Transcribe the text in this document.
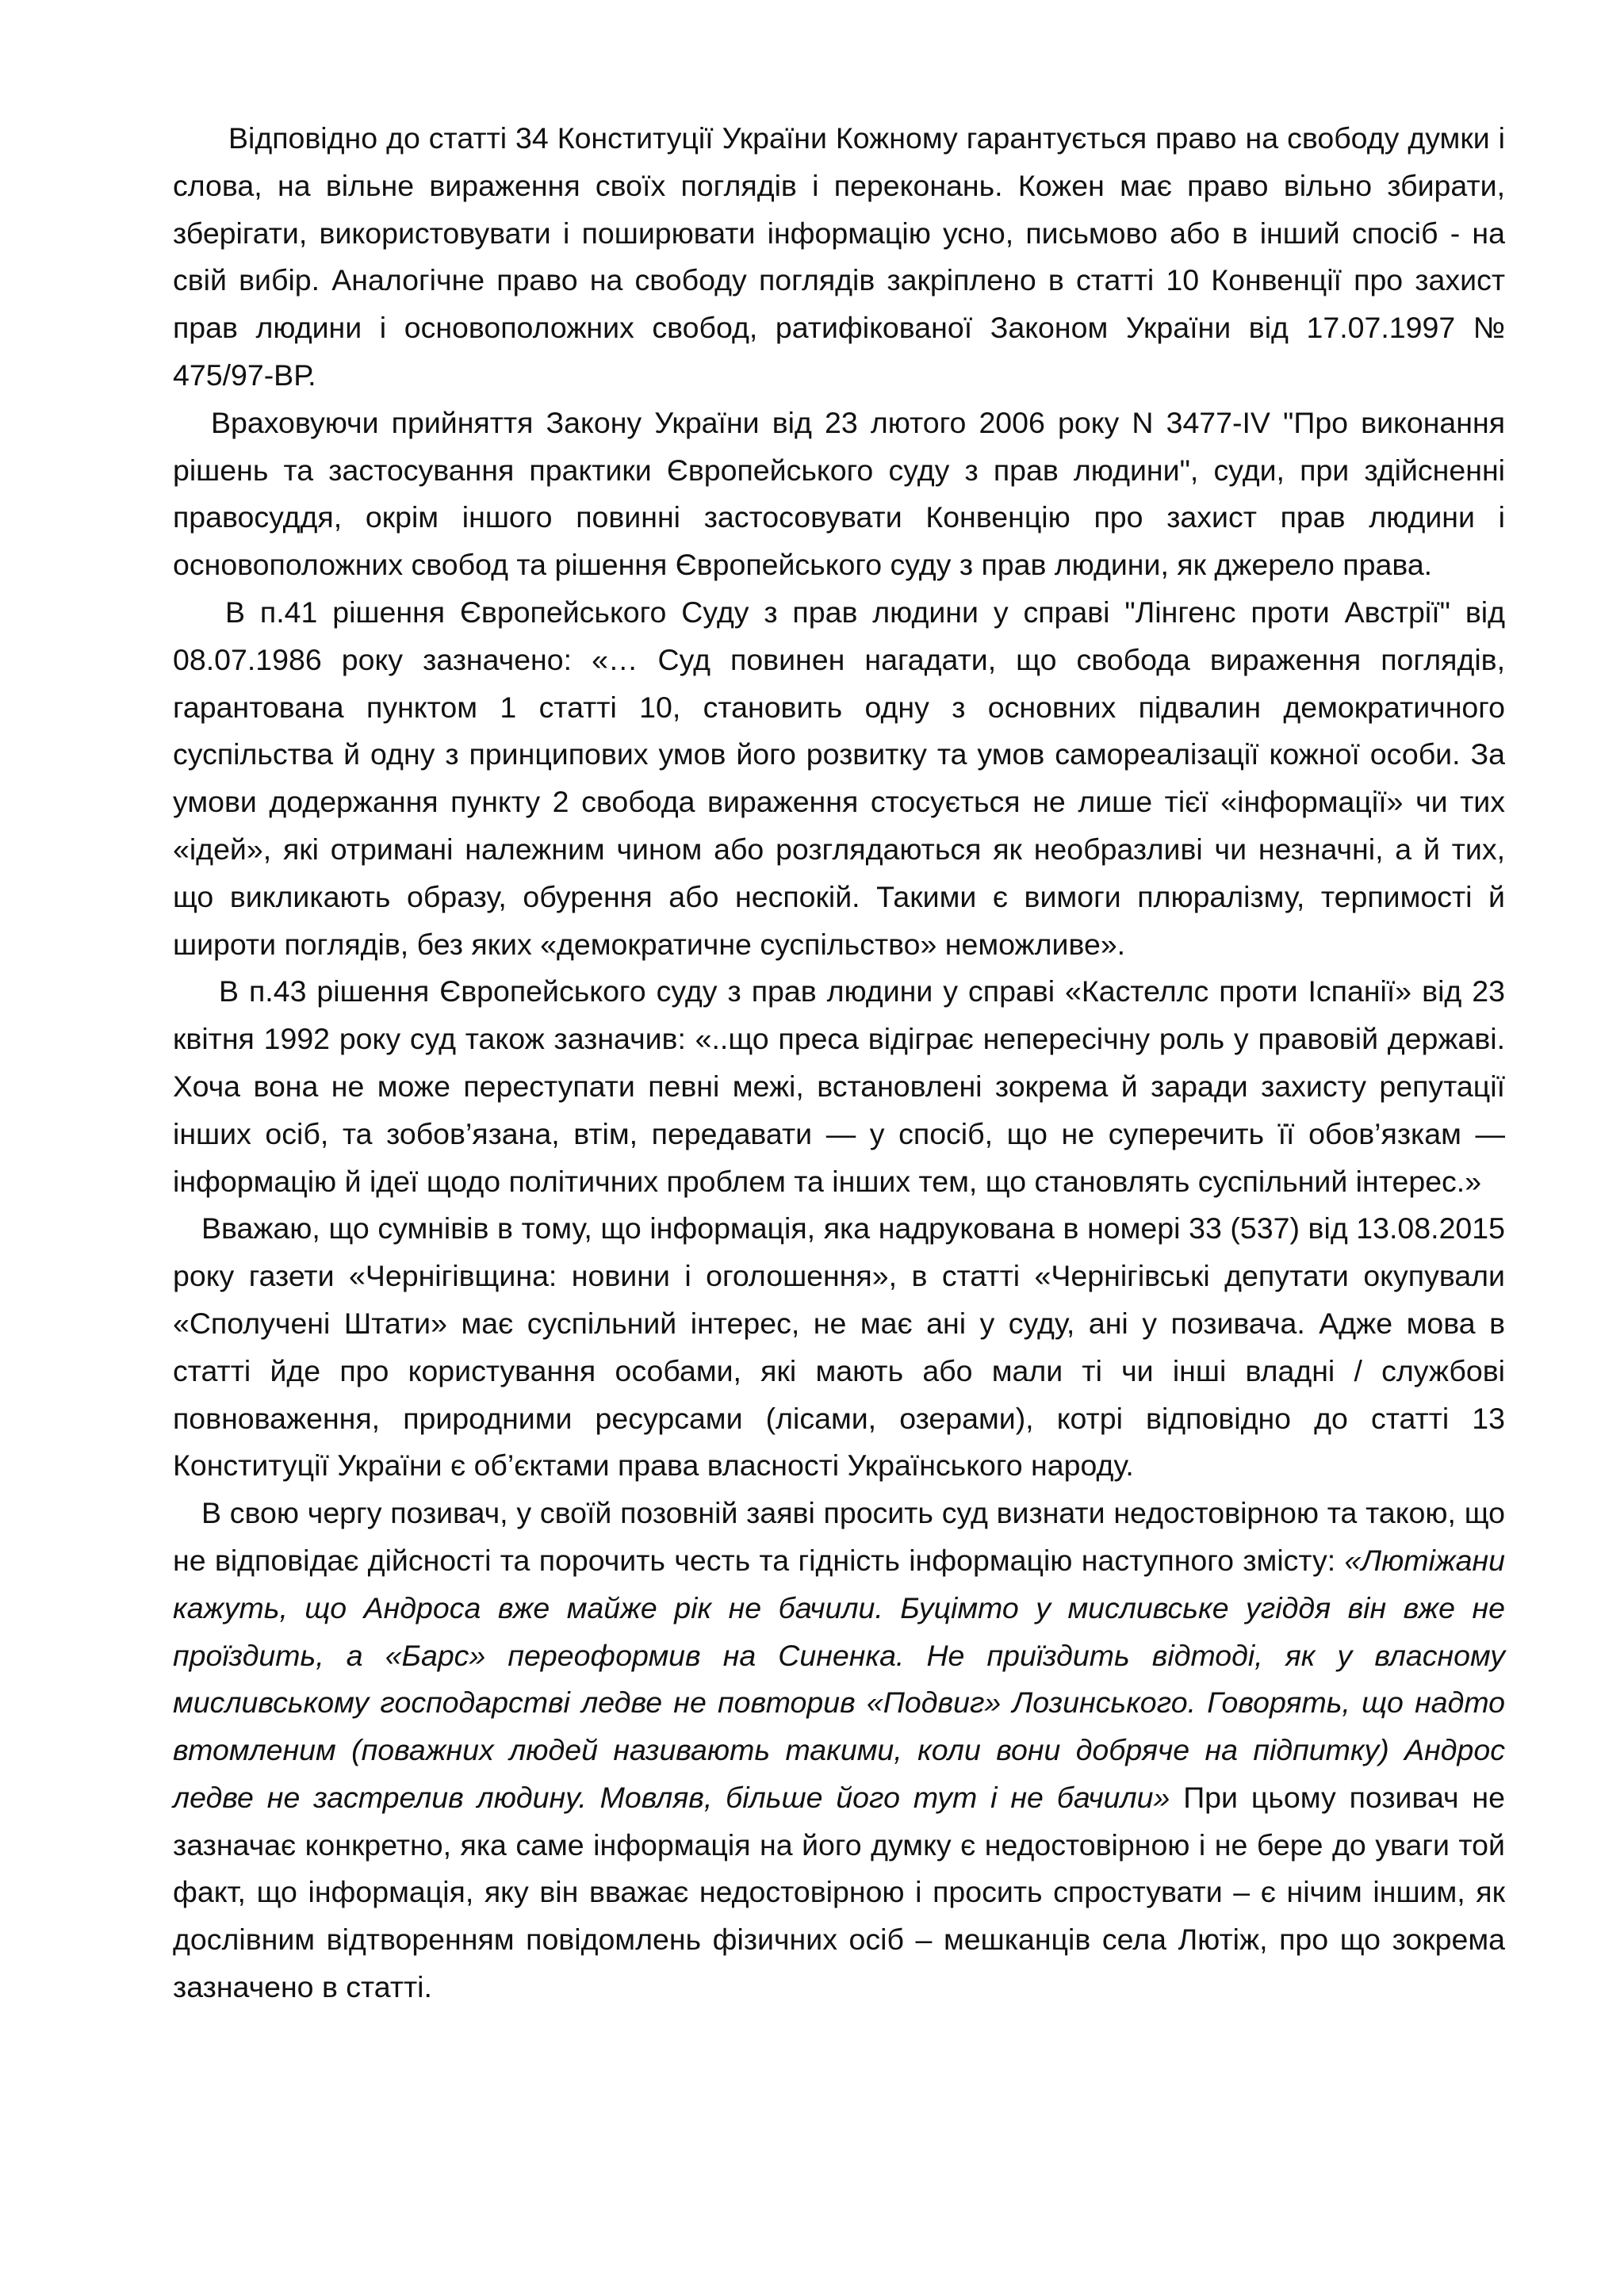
Відповідно до статті 34 Конституції України Кожному гарантується право на свободу думки і слова, на вільне вираження своїх поглядів і переконань. Кожен має право вільно збирати, зберігати, використовувати і поширювати інформацію усно, письмово або в інший спосіб - на свій вибір. Аналогічне право на свободу поглядів закріплено в статті 10 Конвенції про захист прав людини і основоположних свобод, ратифікованої Законом України від 17.07.1997 № 475/97-ВР.

Враховуючи прийняття Закону України від 23 лютого 2006 року N 3477-IV "Про виконання рішень та застосування практики Європейського суду з прав людини", суди, при здійсненні правосуддя, окрім іншого повинні застосовувати Конвенцію про захист прав людини і основоположних свобод та рішення Європейського суду з прав людини, як джерело права.

В п.41 рішення Європейського Суду з прав людини у справі "Лінгенс проти Австрії" від 08.07.1986 року зазначено: «… Суд повинен нагадати, що свобода вираження поглядів, гарантована пунктом 1 статті 10, становить одну з основних підвалин демократичного суспільства й одну з принципових умов його розвитку та умов самореалізації кожної особи. За умови додержання пункту 2 свобода вираження стосується не лише тієї «інформації» чи тих «ідей», які отримані належним чином або розглядаються як необразливі чи незначні, а й тих, що викликають образу, обурення або неспокій. Такими є вимоги плюралізму, терпимості й широти поглядів, без яких «демократичне суспільство» неможливе».

В п.43 рішення Європейського суду з прав людини у справі «Кастеллс проти Іспанії» від 23 квітня 1992 року суд також зазначив: «..що преса відіграє непересічну роль у правовій державі. Хоча вона не може переступати певні межі, встановлені зокрема й заради захисту репутації інших осіб, та зобов’язана, втім, передавати — у спосіб, що не суперечить її обов’язкам — інформацію й ідеї щодо політичних проблем та інших тем, що становлять суспільний інтерес.»

Вважаю, що сумнівів в тому, що інформація, яка надрукована в номері 33 (537) від 13.08.2015 року газети «Чернігівщина: новини і оголошення», в статті «Чернігівські депутати окупували «Сполучені Штати» має суспільний інтерес, не має ані у суду, ані у позивача. Адже мова в статті йде про користування особами, які мають або мали ті чи інші владні / службові повноваження, природними ресурсами (лісами, озерами), котрі відповідно до статті 13 Конституції України є об’єктами права власності Українського народу.

В свою чергу позивач, у своїй позовній заяві просить суд визнати недостовірною та такою, що не відповідає дійсності та порочить честь та гідність інформацію наступного змісту: «Лютіжани кажуть, що Андроса вже майже рік не бачили. Буцімто у мисливське угіддя він вже не проїздить, а «Барс» переоформив на Синенка. Не приїздить відтоді, як у власному мисливському господарстві ледве не повторив «Подвиг» Лозинського. Говорять, що надто втомленим (поважних людей називають такими, коли вони добряче на підпитку) Андрос ледве не застрелив людину. Мовляв, більше його тут і не бачили» При цьому позивач не зазначає конкретно, яка саме інформація на його думку є недостовірною і не бере до уваги той факт, що інформація, яку він вважає недостовірною і просить спростувати – є нічим іншим, як дослівним відтворенням повідомлень фізичних осіб – мешканців села Лютіж, про що зокрема зазначено в статті.
